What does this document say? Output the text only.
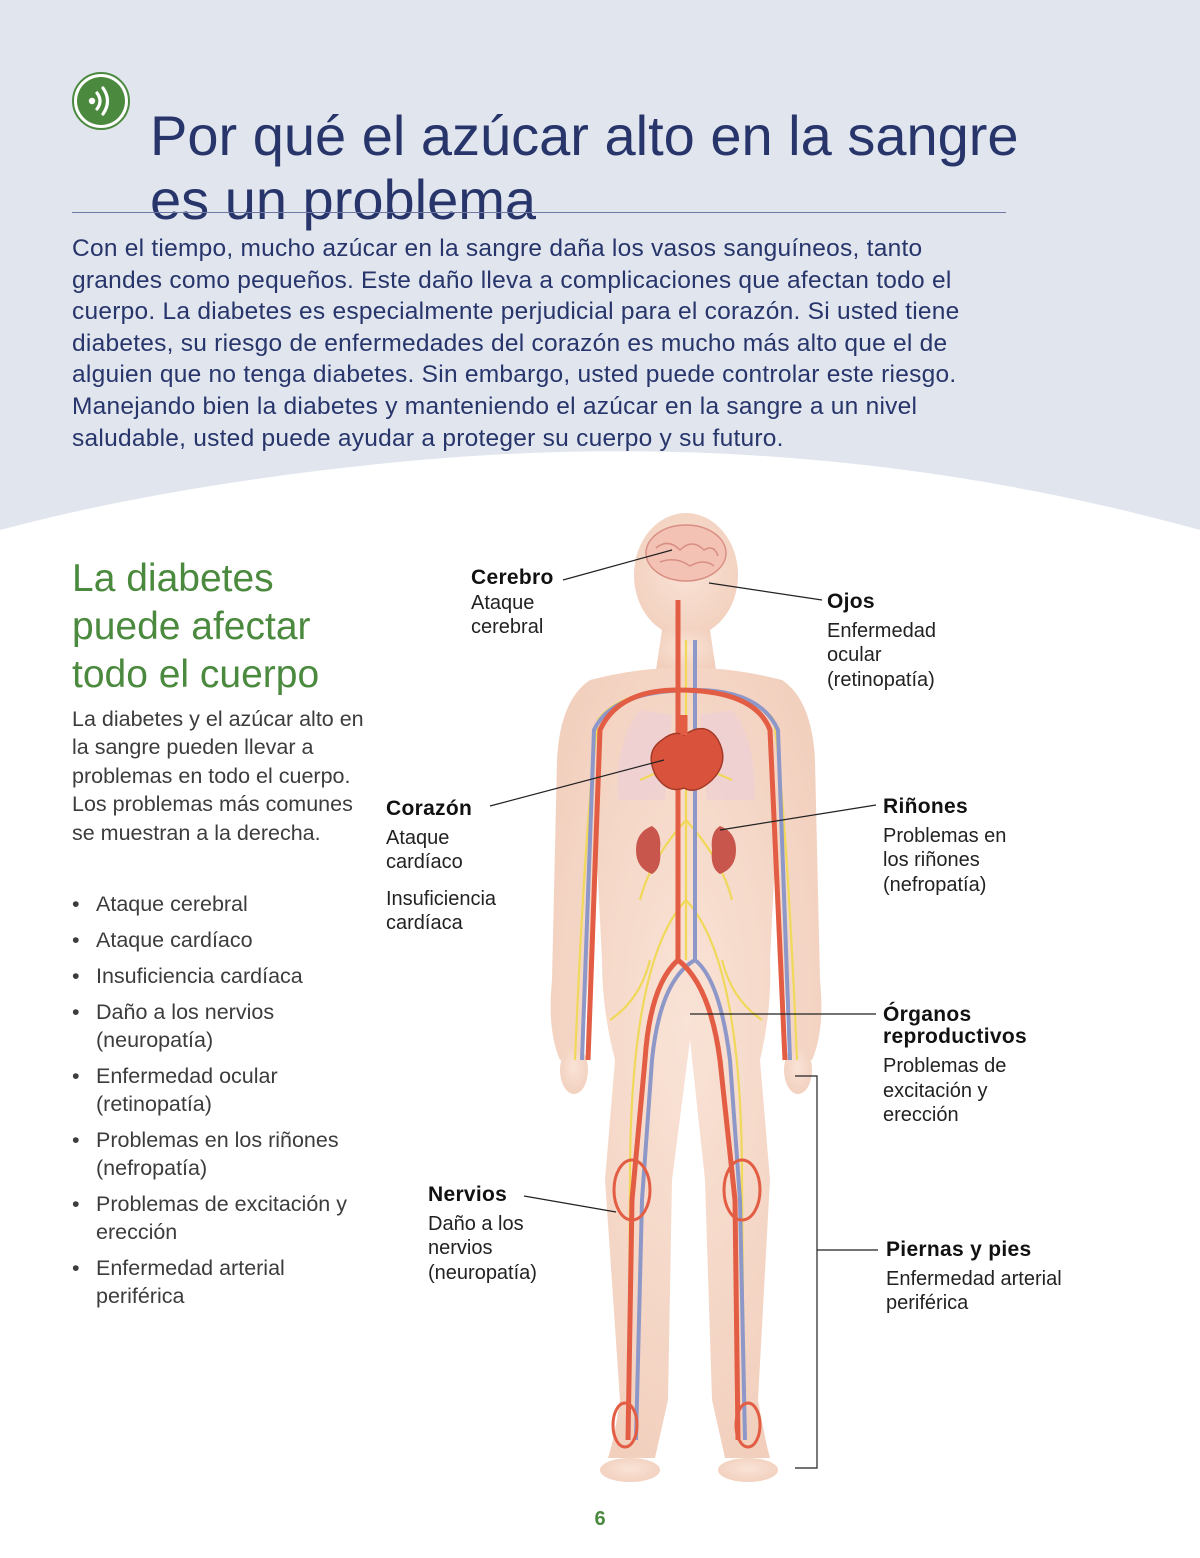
Por qué el azúcar alto en la sangre es un problema

Con el tiempo, mucho azúcar en la sangre daña los vasos sanguíneos, tanto grandes como pequeños. Este daño lleva a complicaciones que afectan todo el cuerpo. La diabetes es especialmente perjudicial para el corazón. Si usted tiene diabetes, su riesgo de enfermedades del corazón es mucho más alto que el de alguien que no tenga diabetes. Sin embargo, usted puede controlar este riesgo. Manejando bien la diabetes y manteniendo el azúcar en la sangre a un nivel saludable, usted puede ayudar a proteger su cuerpo y su futuro.

La diabetes puede afectar todo el cuerpo

La diabetes y el azúcar alto en la sangre pueden llevar a problemas en todo el cuerpo. Los problemas más comunes se muestran a la derecha.

• Ataque cerebral
• Ataque cardíaco
• Insuficiencia cardíaca
• Daño a los nervios (neuropatía)
• Enfermedad ocular (retinopatía)
• Problemas en los riñones (nefropatía)
• Problemas de excitación y erección
• Enfermedad arterial periférica
Cerebro
Ataque cerebral
Ojos
Enfermedad ocular (retinopatía)
Corazón
Ataque cardíaco
Insuficiencia cardíaca
Riñones
Problemas en los riñones (nefropatía)
Órganos reproductivos
Problemas de excitación y erección
Nervios
Daño a los nervios (neuropatía)
Piernas y pies
Enfermedad arterial periférica
6
